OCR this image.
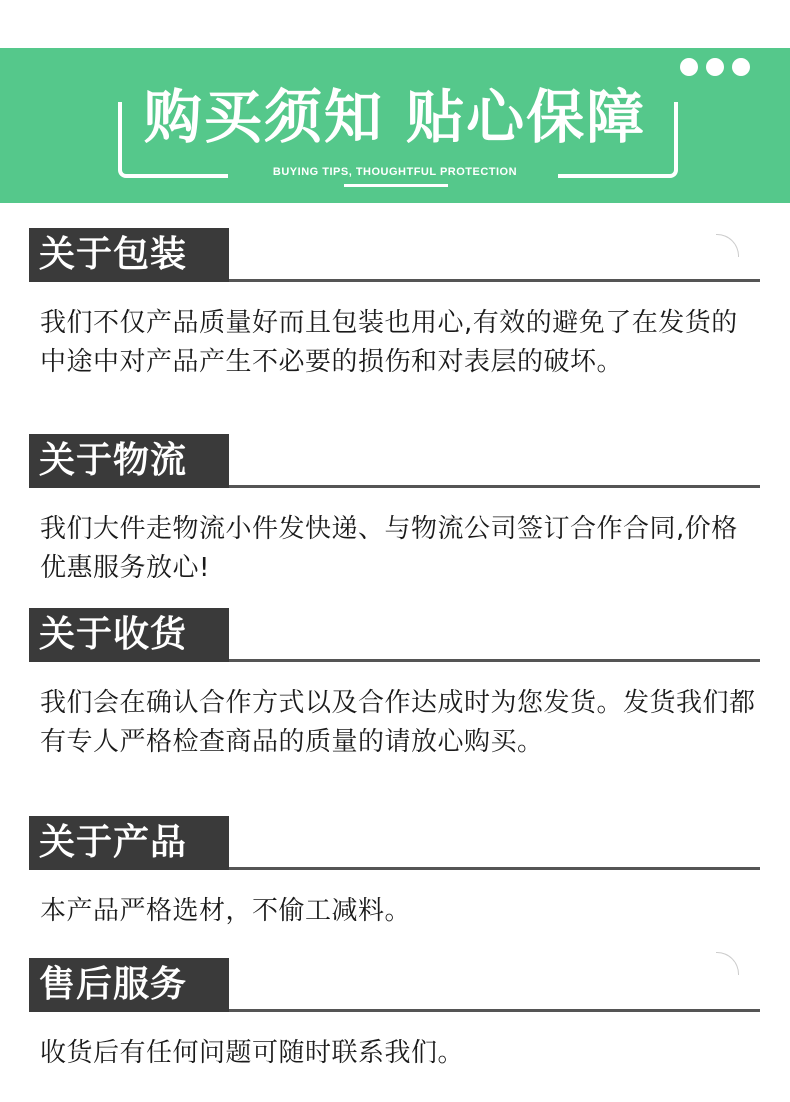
购买须知 贴心保障
BUYING TIPS, THOUGHTFUL PROTECTION
关于包装
我们不仅产品质量好而且包装也用心,有效的避免了在发货的中途中对产品产生不必要的损伤和对表层的破坏。
关于物流
我们大件走物流小件发快递、与物流公司签订合作合同,价格优惠服务放心!
关于收货
我们会在确认合作方式以及合作达成时为您发货。发货我们都有专人严格检查商品的质量的请放心购买。
关于产品
本产品严格选材，不偷工减料。
售后服务
收货后有任何问题可随时联系我们。
